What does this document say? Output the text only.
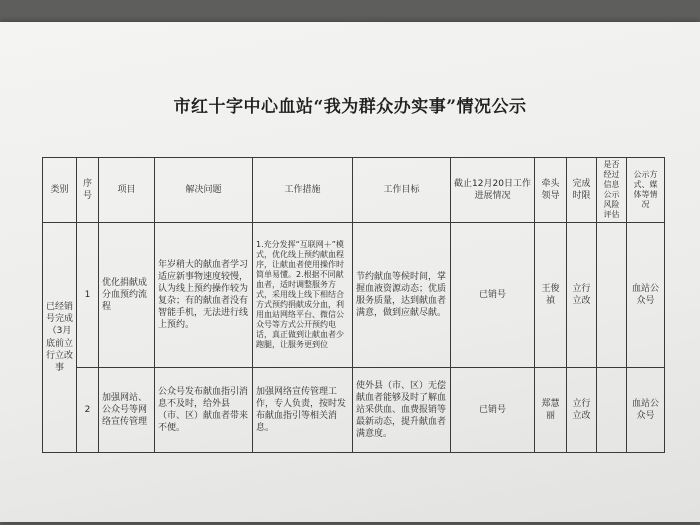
市红十字中心血站“我为群众办实事”情况公示
类别	序号	项目	解决问题	工作措施	工作目标	截止12月20日工作进展情况	牵头领导	完成时限	是否经过信息公示风险评估	公示方式、媒体等情况
已经销号完成（3月底前立行立改事	1	优化捐献成分血预约流程	年岁稍大的献血者学习适应新事物速度较慢，认为线上预约操作较为复杂；有的献血者没有智能手机，无法进行线上预约。	1.充分发挥“互联网＋”模式，优化线上预约献血程序，让献血者使用操作时简单易懂。2.根据不同献血者，适时调整服务方式，采用线上线下相结合方式预约捐献成分血，利用血站网络平台、微信公众号等方式公开预约电话，真正做到让献血者少跑腿，让服务更到位	节约献血等候时间，掌握血液资源动态；优质服务质量，达到献血者满意，做到应献尽献。	已销号	王俊禎	立行立改		血站公众号
	2	加强网站、公众号等网络宣传管理	公众号发布献血指引消息不及时，给外县（市、区）献血者带来不便。	加强网络宣传管理工作，专人负责，按时发布献血指引等相关消息。	使外县（市、区）无偿献血者能够及时了解血站采供血、血费报销等最新动态，提升献血者满意度。	已销号	郑慧丽	立行立改		血站公众号
